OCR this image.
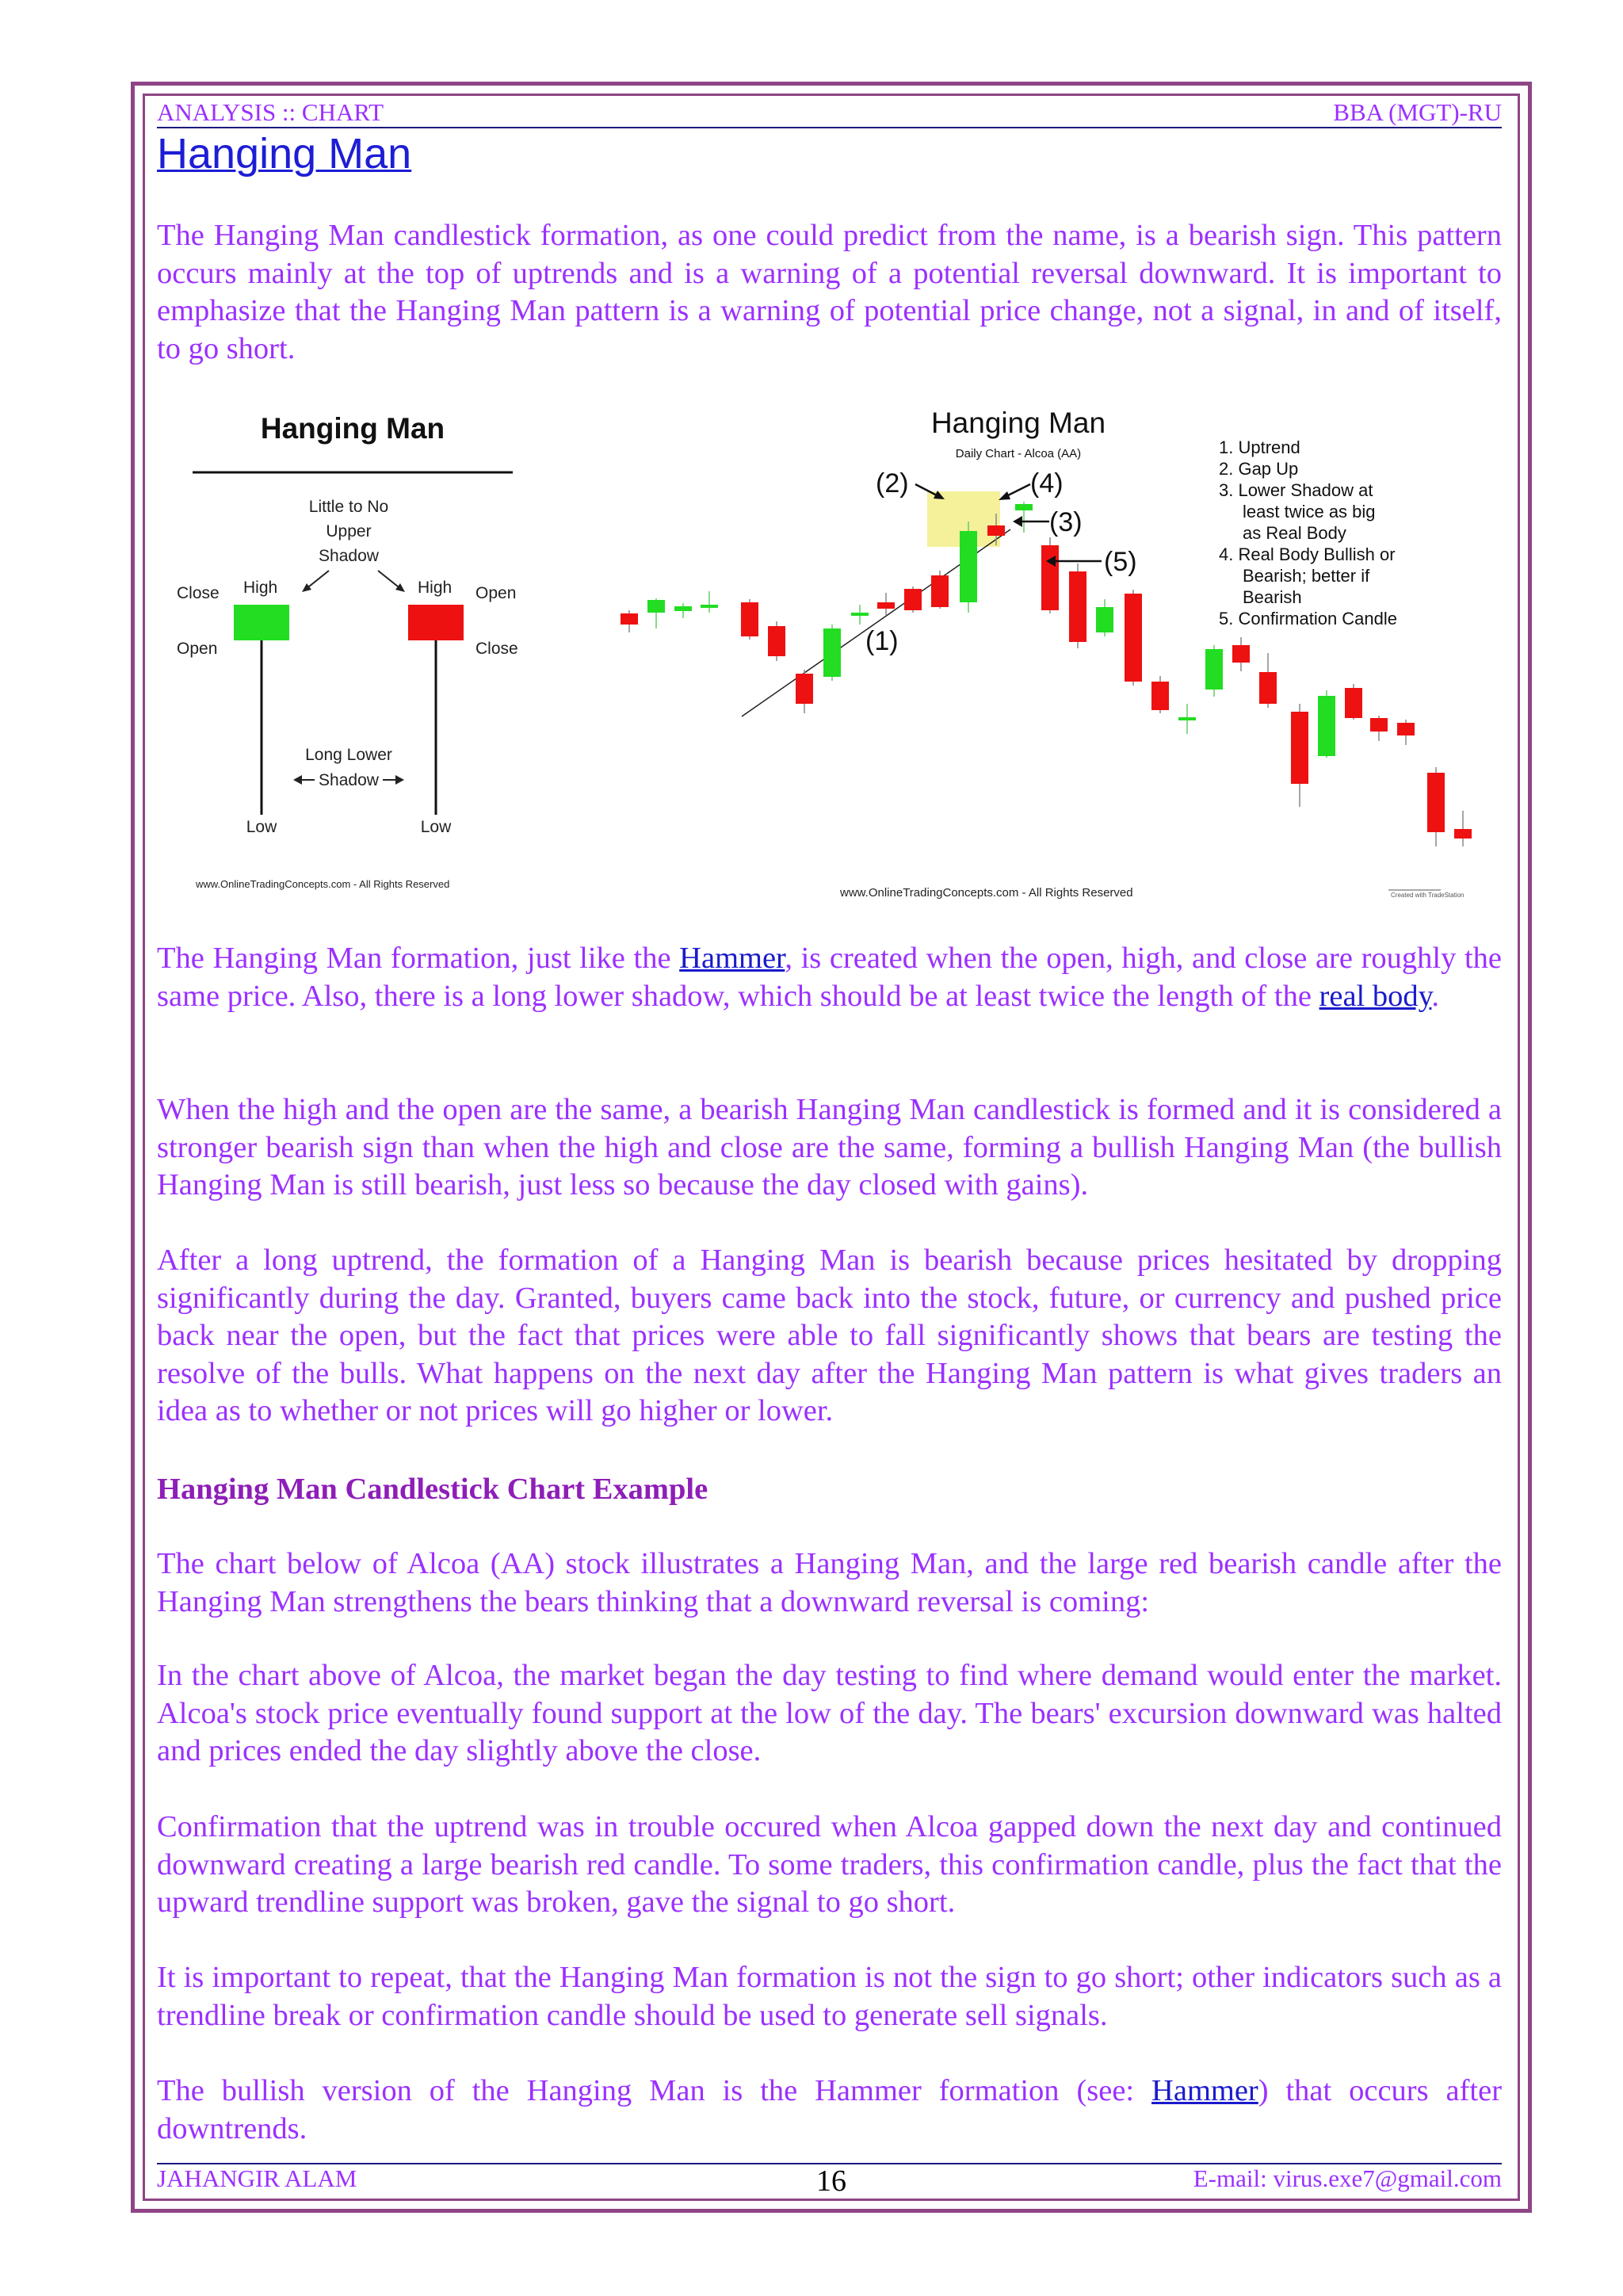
ANALYSIS :: CHART	BBA (MGT)-RU
Hanging Man
The Hanging Man candlestick formation, as one could predict from the name, is a bearish sign. This pattern occurs mainly at the top of uptrends and is a warning of a potential reversal downward. It is important to emphasize that the Hanging Man pattern is a warning of potential price change, not a signal, in and of itself, to go short.
Hanging Man
Little to No
Upper
Shadow
Close High
Open
High Open
Close
Long Lower
Shadow
Low	Low
www.OnlineTradingConcepts.com - All Rights Reserved
Hanging Man
Daily Chart - Alcoa (AA)
(2)	(4)
(3)
(5)
(1)
1. Uptrend
2. Gap Up
3. Lower Shadow at
least twice as big
as Real Body
4. Real Body Bullish or
Bearish; better if
Bearish
5. Confirmation Candle
www.OnlineTradingConcepts.com - All Rights Reserved	Created with TradeStation
The Hanging Man formation, just like the Hammer, is created when the open, high, and close are roughly the same price. Also, there is a long lower shadow, which should be at least twice the length of the real body.
When the high and the open are the same, a bearish Hanging Man candlestick is formed and it is considered a stronger bearish sign than when the high and close are the same, forming a bullish Hanging Man (the bullish Hanging Man is still bearish, just less so because the day closed with gains).
After a long uptrend, the formation of a Hanging Man is bearish because prices hesitated by dropping significantly during the day. Granted, buyers came back into the stock, future, or currency and pushed price back near the open, but the fact that prices were able to fall significantly shows that bears are testing the resolve of the bulls. What happens on the next day after the Hanging Man pattern is what gives traders an idea as to whether or not prices will go higher or lower.
Hanging Man Candlestick Chart Example
The chart below of Alcoa (AA) stock illustrates a Hanging Man, and the large red bearish candle after the Hanging Man strengthens the bears thinking that a downward reversal is coming:
In the chart above of Alcoa, the market began the day testing to find where demand would enter the market. Alcoa's stock price eventually found support at the low of the day. The bears' excursion downward was halted and prices ended the day slightly above the close.
Confirmation that the uptrend was in trouble occured when Alcoa gapped down the next day and continued downward creating a large bearish red candle. To some traders, this confirmation candle, plus the fact that the upward trendline support was broken, gave the signal to go short.
It is important to repeat, that the Hanging Man formation is not the sign to go short; other indicators such as a trendline break or confirmation candle should be used to generate sell signals.
The bullish version of the Hanging Man is the Hammer formation (see: Hammer) that occurs after downtrends.
JAHANGIR ALAM	16	E-mail: virus.exe7@gmail.com
